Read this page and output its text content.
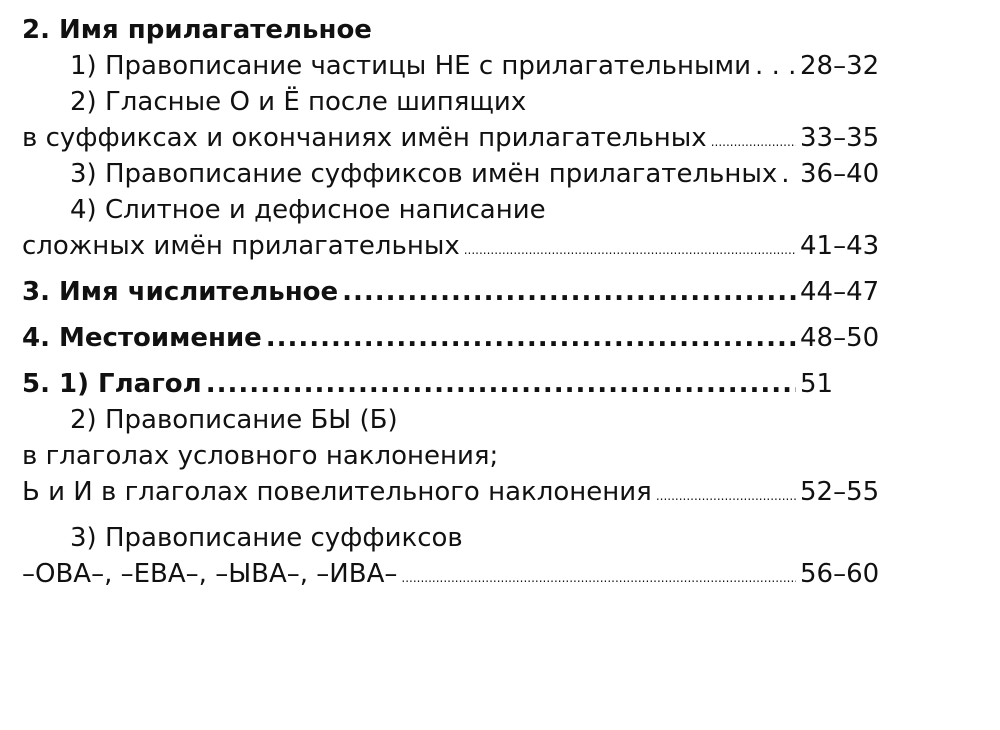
2. Имя прилагательное
1) Правописание частицы НЕ с прилагательными . . . 28–32
2) Гласные О и Ё после шипящих
в суффиксах и окончаниях имён прилагательных .....	33–35
3) Правописание суффиксов имён прилагательных . . . 36–40
4) Слитное и дефисное написание
сложных имён прилагательных .....	41–43
3. Имя числительное .....	44–47
4. Местоимение .....	48–50
5. 1) Глагол .....	51
2) Правописание БЫ (Б)
в глаголах условного наклонения;
Ь и И в глаголах повелительного наклонения .....	52–55
3) Правописание суффиксов
–ОВА–, –ЕВА–, –ЫВА–, –ИВА– .....	56–60
